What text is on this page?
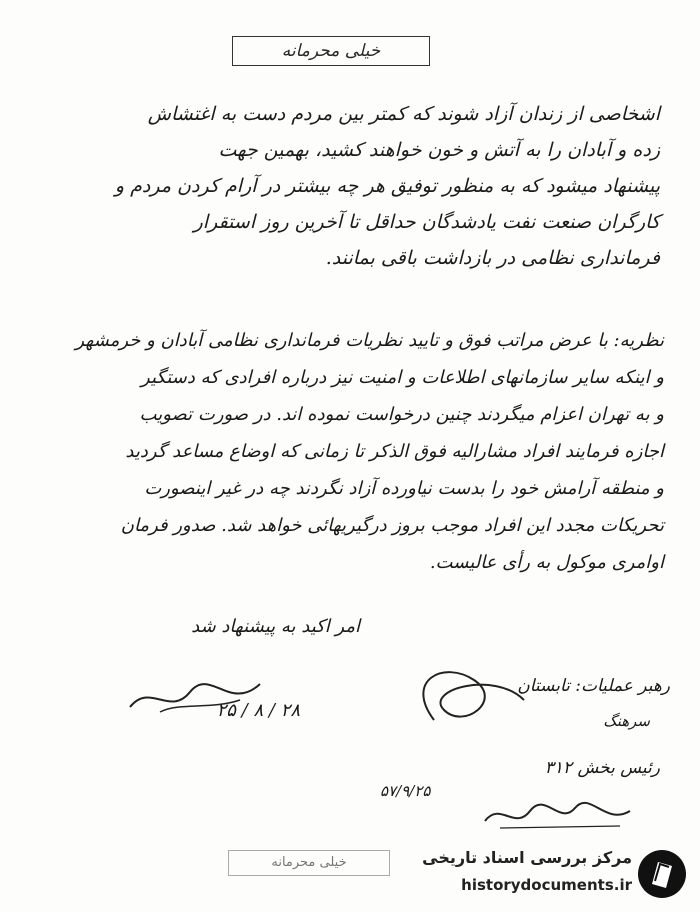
خیلی محرمانه
اشخاصی از زندان آزاد شوند که کمتر بین مردم دست به اغتشاش
زده و آبادان را به آتش و خون خواهند کشید، بهمین جهت
پیشنهاد میشود که به منظور توفیق هر چه بیشتر در آرام کردن مردم و
کارگران صنعت نفت یادشدگان حداقل تا آخرین روز استقرار
فرمانداری نظامی در بازداشت باقی بمانند.
نظریه: با عرض مراتب فوق و تایید نظریات فرمانداری نظامی آبادان و خرمشهر
و اینکه سایر سازمانهای اطلاعات و امنیت نیز درباره افرادی که دستگیر
و به تهران اعزام میگردند چنین درخواست نموده اند. در صورت تصویب
اجازه فرمایند افراد مشارالیه فوق الذکر تا زمانی که اوضاع مساعد گردید
و منطقه آرامش خود را بدست نیاورده آزاد نگردند چه در غیر اینصورت
تحریکات مجدد این افراد موجب بروز درگیریهائی خواهد شد. صدور فرمان
اوامری موکول به رأی عالیست.
امر اکید به پیشنهاد شد
۲۸ / ۸ / ۲۵
رهبر عملیات: تابستان
سرهنگ
رئیس بخش ۳۱۲
۵۷/۹/۲۵
خیلی محرمانه	مرکز بررسی اسناد تاریخی
historydocuments.ir
